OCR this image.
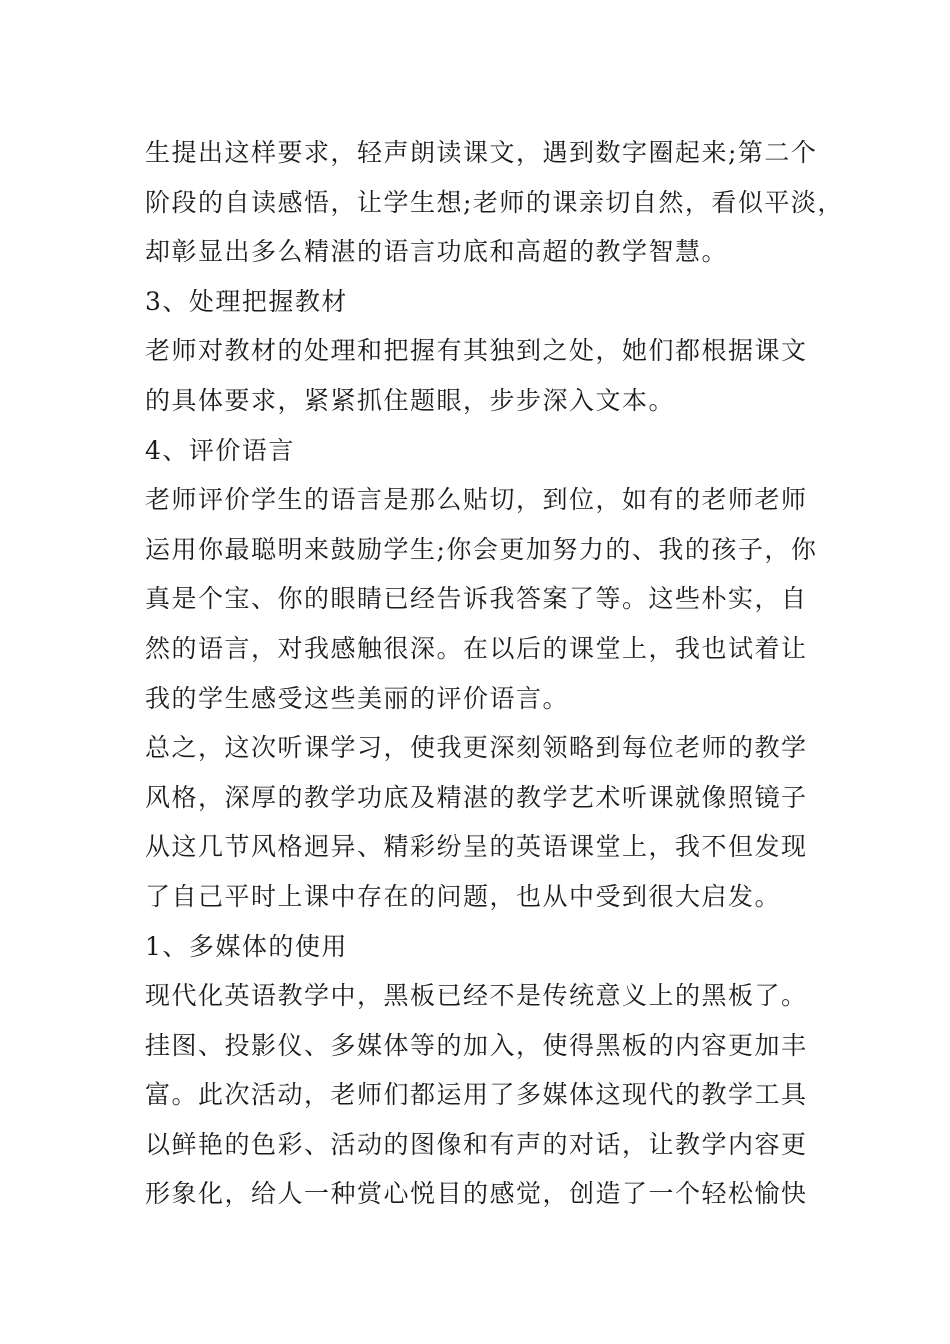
生提出这样要求，轻声朗读课文，遇到数字圈起来;第二个
阶段的自读感悟，让学生想;老师的课亲切自然，看似平淡，
却彰显出多么精湛的语言功底和高超的教学智慧。
3、处理把握教材
老师对教材的处理和把握有其独到之处，她们都根据课文
的具体要求，紧紧抓住题眼，步步深入文本。
4、评价语言
老师评价学生的语言是那么贴切，到位，如有的老师老师
运用你最聪明来鼓励学生;你会更加努力的、我的孩子，你
真是个宝、你的眼睛已经告诉我答案了等。这些朴实，自
然的语言，对我感触很深。在以后的课堂上，我也试着让
我的学生感受这些美丽的评价语言。
总之，这次听课学习，使我更深刻领略到每位老师的教学
风格，深厚的教学功底及精湛的教学艺术听课就像照镜子
从这几节风格迥异、精彩纷呈的英语课堂上，我不但发现
了自己平时上课中存在的问题，也从中受到很大启发。
1、多媒体的使用
现代化英语教学中，黑板已经不是传统意义上的黑板了。
挂图、投影仪、多媒体等的加入，使得黑板的内容更加丰
富。此次活动，老师们都运用了多媒体这现代的教学工具
以鲜艳的色彩、活动的图像和有声的对话，让教学内容更
形象化，给人一种赏心悦目的感觉，创造了一个轻松愉快
